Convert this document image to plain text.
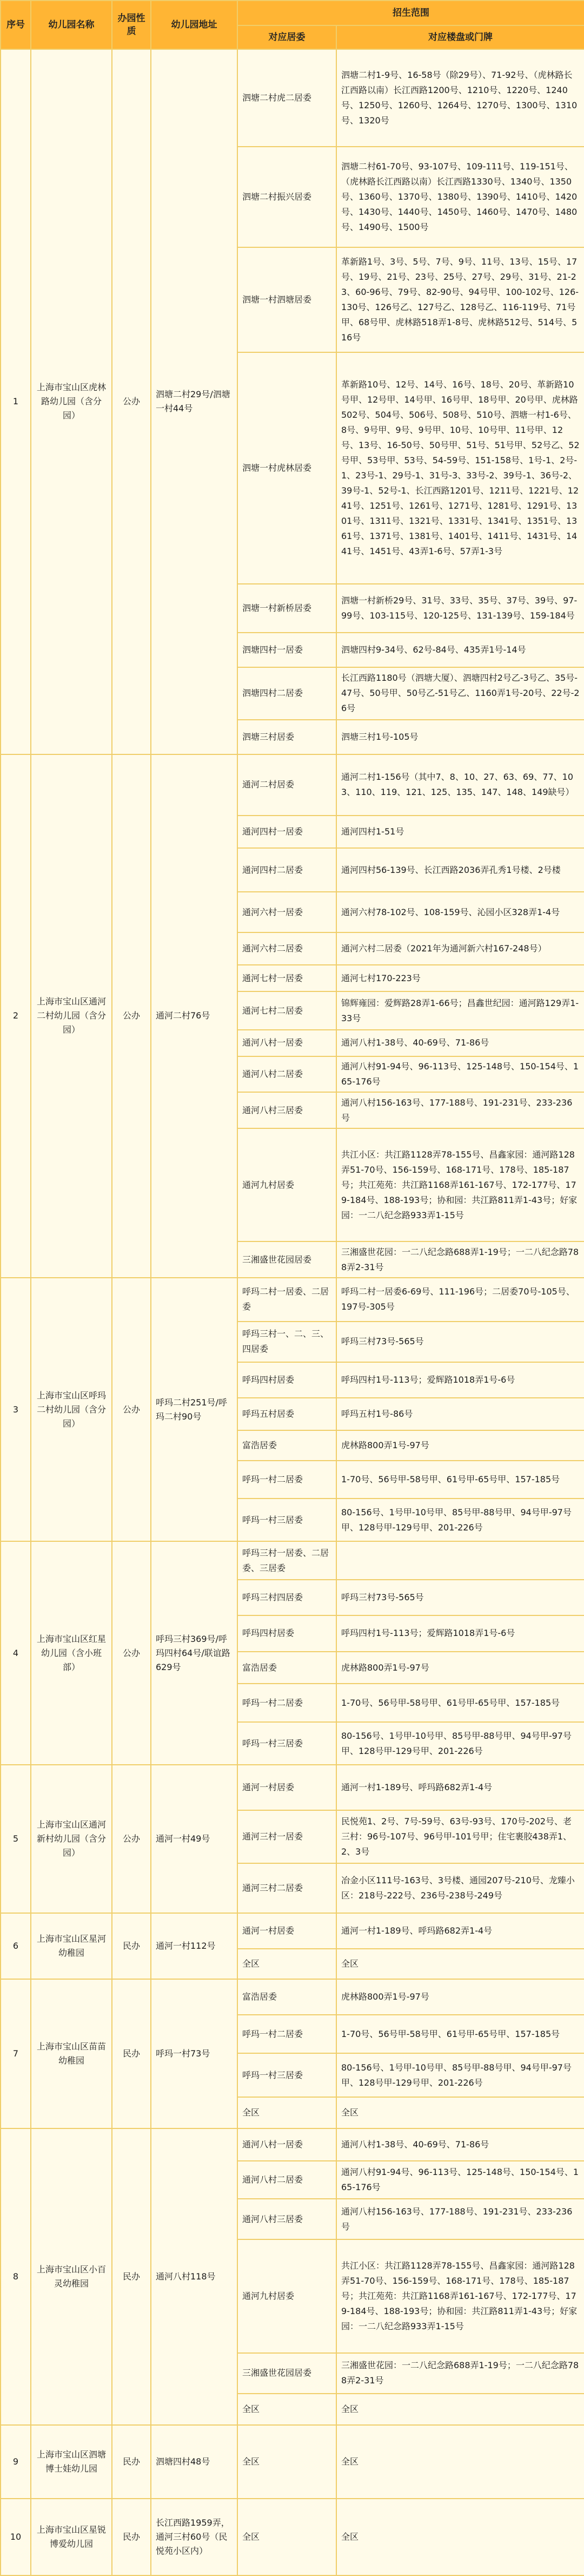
序号	幼儿园名称	办园性质	幼儿园地址	招生范围	
				对应居委	对应楼盘或门牌
1	上海市宝山区虎林路幼儿园（含分园）	公办	泗塘二村29号/泗塘一村44号	泗塘二村虎二居委	泗塘二村1-9号、16-58号（除29号）、71-92号、（虎林路长江西路以南）长江西路1200号、1210号、1220号、1240号、1250号、1260号、1264号、1270号、1300号、1310号、1320号
				泗塘二村振兴居委	泗塘二村61-70号、93-107号、109-111号、119-151号、（虎林路长江西路以南）长江西路1330号、1340号、1350号、1360号、1370号、1380号、1390号、1410号、1420号、1430号、1440号、1450号、1460号、1470号、1480号、1490号、1500号
				泗塘一村泗塘居委	革新路1号、3号、5号、7号、9号、11号、13号、15号、17号、19号、21号、23号、25号、27号、29号、31号、21-23、60-96号、79号、82-90号、94号甲、100-102号、126-130号、126号乙、127号乙、128号乙、116-119号、71号甲、68号甲、虎林路518弄1-8号、虎林路512号、514号、516号
				泗塘一村虎林居委	革新路10号、12号、14号、16号、18号、20号、革新路10号甲、12号甲、14号甲、16号甲、18号甲、20号甲、虎林路502号、504号、506号、508号、510号、泗塘一村1-6号、8号、9号甲、9号、9号甲、10号、10号甲、11号甲、12号、13号、16-50号、50号甲、51号、51号甲、52号乙、52号甲、53号甲、53号、54-59号、151-158号、1号-1、2号-1、23号-1、29号-1、31号-3、33号-2、39号-1、36号-2、39号-1、52号-1、长江西路1201号、1211号、1221号、1241号、1251号、1261号、1271号、1281号、1291号、1301号、1311号、1321号、1331号、1341号、1351号、1361号、1371号、1381号、1401号、1411号、1431号、1441号、1451号、43弄1-6号、57弄1-3号
				泗塘一村新桥居委	泗塘一村新桥29号、31号、33号、35号、37号、39号、97-99号、103-115号、120-125号、131-139号、159-184号
				泗塘四村一居委	泗塘四村9-34号、62号-84号、435弄1号-14号
				泗塘四村二居委	长江西路1180号（泗塘大厦）、泗塘四村2号乙-3号乙、35号-47号、50号甲、50号乙-51号乙、1160弄1号-20号、22号-26号
				泗塘三村居委	泗塘三村1号-105号
2	上海市宝山区通河二村幼儿园（含分园）	公办	通河二村76号	通河二村居委	通河二村1-156号（其中7、8、10、27、63、69、77、103、110、119、121、125、135、147、148、149缺号）
				通河四村一居委	通河四村1-51号
				通河四村二居委	通河四村56-139号、长江西路2036弄孔秀1号楼、2号楼
				通河六村一居委	通河六村78-102号、108-159号、沁园小区328弄1-4号
				通河六村二居委	通河六村二居委（2021年为通河新六村167-248号）
				通河七村一居委	通河七村170-223号
				通河七村二居委	锦辉雍园：爱辉路28弄1-66号；昌鑫世纪园：通河路129弄1-33号
				通河八村一居委	通河八村1-38号、40-69号、71-86号
				通河八村二居委	通河八村91-94号、96-113号、125-148号、150-154号、165-176号
				通河八村三居委	通河八村156-163号、177-188号、191-231号、233-236号
				通河九村居委	共江小区：共江路1128弄78-155号、昌鑫家园：通河路128弄51-70号、156-159号、168-171号、178号、185-187号；共江苑苑：共江路1168弄161-167号、172-177号、179-184号、188-193号；协和园：共江路811弄1-43号；好家园：一二八纪念路933弄1-15号
				三湘盛世花园居委	三湘盛世花园：一二八纪念路688弄1-19号；一二八纪念路788弄2-31号
3	上海市宝山区呼玛二村幼儿园（含分园）	公办	呼玛二村251号/呼玛二村90号	呼玛二村一居委、二居委	呼玛二村一居委6-69号、111-196号；二居委70号-105号、197号-305号
				呼玛三村一、二、三、四居委	呼玛三村73号-565号
				呼玛四村居委	呼玛四村1号-113号；爱辉路1018弄1号-6号
				呼玛五村居委	呼玛五村1号-86号
				富浩居委	虎林路800弄1号-97号
				呼玛一村二居委	1-70号、56号甲-58号甲、61号甲-65号甲、157-185号
				呼玛一村三居委	80-156号、1号甲-10号甲、85号甲-88号甲、94号甲-97号甲、128号甲-129号甲、201-226号
4	上海市宝山区红星幼儿园（含小班部）	公办	呼玛三村369号/呼玛四村64号/联谊路629号	呼玛三村一居委、二居委、三居委	
				呼玛三村四居委	呼玛三村73号-565号
				呼玛四村居委	呼玛四村1号-113号；爱辉路1018弄1号-6号
				富浩居委	虎林路800弄1号-97号
				呼玛一村二居委	1-70号、56号甲-58号甲、61号甲-65号甲、157-185号
				呼玛一村三居委	80-156号、1号甲-10号甲、85号甲-88号甲、94号甲-97号甲、128号甲-129号甲、201-226号
5	上海市宝山区通河新村幼儿园（含分园）	公办	通河一村49号	通河一村居委	通河一村1-189号、呼玛路682弄1-4号
				通河三村一居委	民悦苑1、2号、7号-59号、63号-93号、170号-202号、老三村：96号-107号、96号甲-101号甲；住宅裹胶438弄1、2、3号
				通河三村二居委	冶金小区111号-163号、3号楼、通园207号-210号、龙臻小区：218号-222号、236号-238号-249号
6	上海市宝山区星河幼稚园	民办	通河一村112号	通河一村居委	通河一村1-189号、呼玛路682弄1-4号
				全区	全区
7	上海市宝山区苗苗幼稚园	民办	呼玛一村73号	富浩居委	虎林路800弄1号-97号
				呼玛一村二居委	1-70号、56号甲-58号甲、61号甲-65号甲、157-185号
				呼玛一村三居委	80-156号、1号甲-10号甲、85号甲-88号甲、94号甲-97号甲、128号甲-129号甲、201-226号
				全区	全区
8	上海市宝山区小百灵幼稚园	民办	通河八村118号	通河八村一居委	通河八村1-38号、40-69号、71-86号
				通河八村二居委	通河八村91-94号、96-113号、125-148号、150-154号、165-176号
				通河八村三居委	通河八村156-163号、177-188号、191-231号、233-236号
				通河九村居委	共江小区：共江路1128弄78-155号、昌鑫家园：通河路128弄51-70号、156-159号、168-171号、178号、185-187号；共江苑苑：共江路1168弄161-167号、172-177号、179-184号、188-193号；协和园：共江路811弄1-43号；好家园：一二八纪念路933弄1-15号
				三湘盛世花园居委	三湘盛世花园：一二八纪念路688弄1-19号；一二八纪念路788弄2-31号
				全区	全区
9	上海市宝山区泗塘博士娃幼儿园	民办	泗塘四村48号	全区	全区
10	上海市宝山区星锐博爱幼儿园	民办	长江西路1959弄，通河三村60号（民悦苑小区内）	全区	全区
